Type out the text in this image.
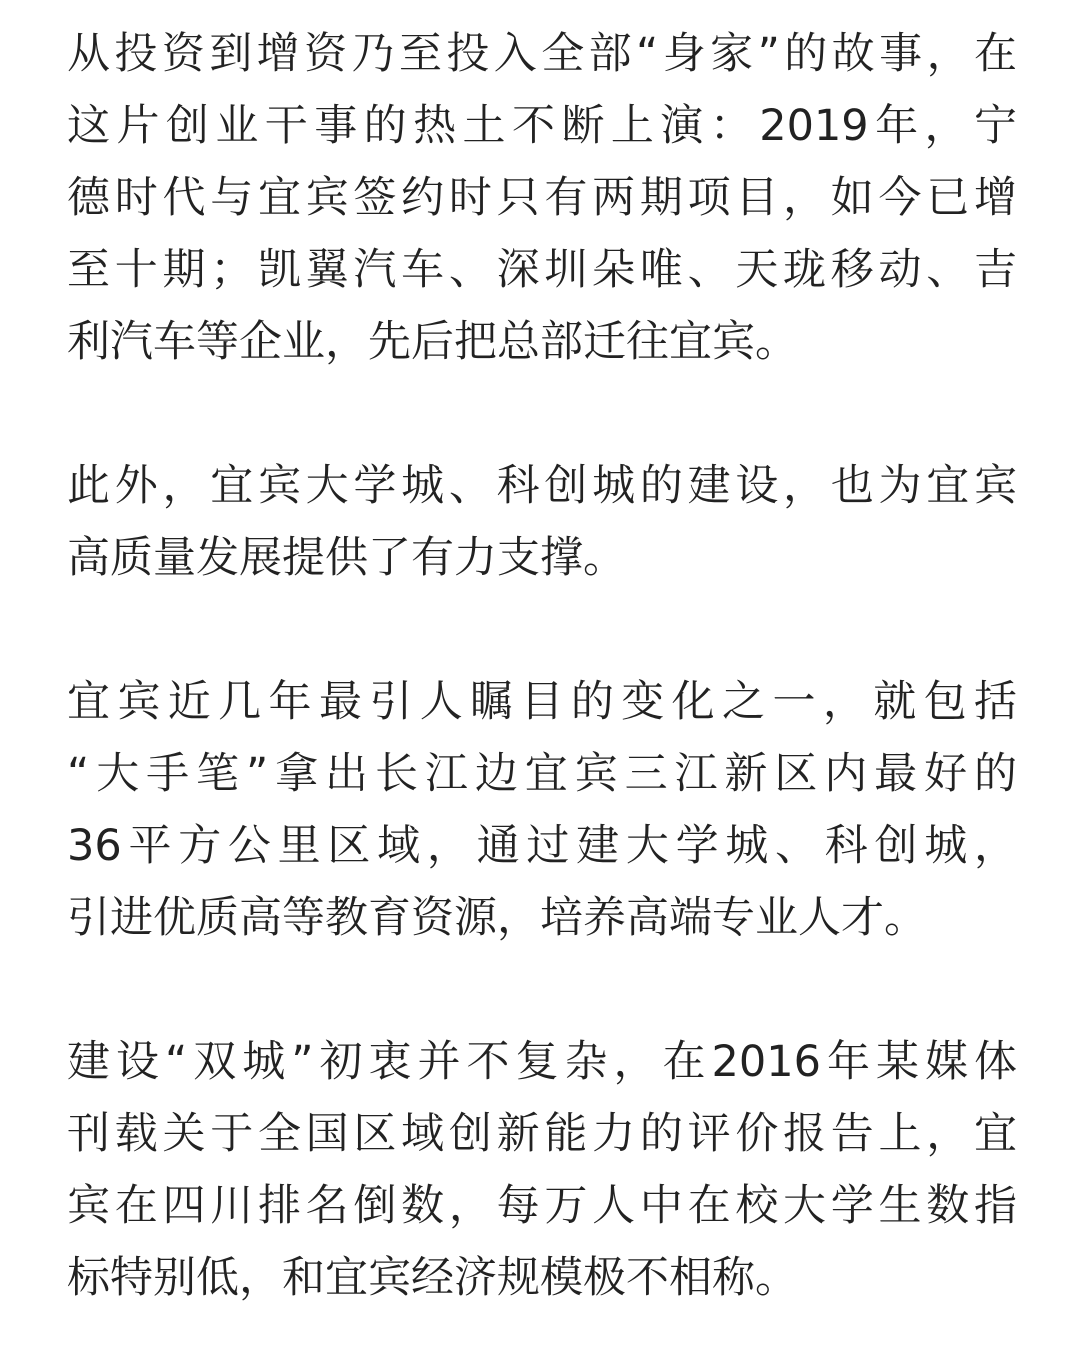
从投资到增资乃至投入全部“身家”的故事，在
这片创业干事的热土不断上演：2019年，宁
德时代与宜宾签约时只有两期项目，如今已增
至十期；凯翼汽车、深圳朵唯、天珑移动、吉
利汽车等企业，先后把总部迁往宜宾。

此外，宜宾大学城、科创城的建设，也为宜宾
高质量发展提供了有力支撑。

宜宾近几年最引人瞩目的变化之一，就包括
“大手笔”拿出长江边宜宾三江新区内最好的
36平方公里区域，通过建大学城、科创城，
引进优质高等教育资源，培养高端专业人才。

建设“双城”初衷并不复杂，在2016年某媒体
刊载关于全国区域创新能力的评价报告上，宜
宾在四川排名倒数，每万人中在校大学生数指
标特别低，和宜宾经济规模极不相称。
